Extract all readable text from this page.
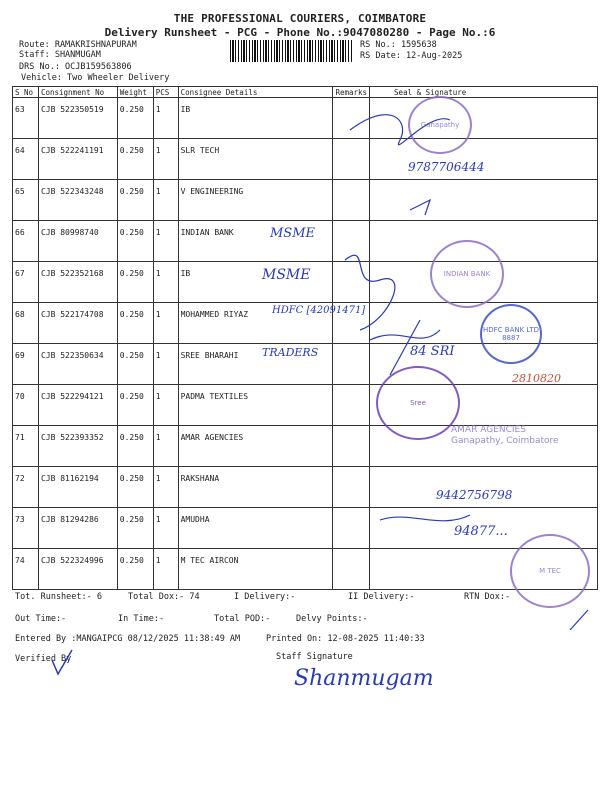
THE PROFESSIONAL COURIERS, COIMBATORE
Delivery Runsheet - PCG - Phone No.:9047080280 - Page No.:6
Route: RAMAKRISHNAPURAM
Staff: SHANMUGAM
DRS No.: OCJB159563806
Vehicle: Two Wheeler Delivery
RS No.: 1595638
RS Date: 12-Aug-2025
S No	Consignment No	Weight	PCS	Consignee Details	Remarks	Seal & Signature
63	CJB 522350519	0.250	1	IB		
64	CJB 522241191	0.250	1	SLR TECH		
65	CJB 522343248	0.250	1	V ENGINEERING		
66	CJB 80998740	0.250	1	INDIAN BANK		
67	CJB 522352168	0.250	1	IB		
68	CJB 522174708	0.250	1	MOHAMMED RIYAZ		
69	CJB 522350634	0.250	1	SREE BHARAHI		
70	CJB 522294121	0.250	1	PADMA TEXTILES		
71	CJB 522393352	0.250	1	AMAR AGENCIES		
72	CJB 81162194	0.250	1	RAKSHANA		
73	CJB 81294286	0.250	1	AMUDHA		
74	CJB 522324996	0.250	1	M TEC AIRCON		
MSME
MSME
HDFC [42091471]
TRADERS
9787706444
84 SRI
2810820
9442756798
94877...
Ganapathy
INDIAN BANK
HDFC BANK LTD 8887
Sree
AMAR AGENCIES Ganapathy, Coimbatore
M TEC
Tot. Runsheet:- 6	Total Dox:- 74	I Delivery:-	II Delivery:-	RTN Dox:-
Out Time:-	In Time:-	Total POD:-	Delvy Points:-
Entered By :MANGAIPCG 08/12/2025 11:38:49 AM	Printed On: 12-08-2025 11:40:33
Verified By	Staff Signature
Shanmugam
